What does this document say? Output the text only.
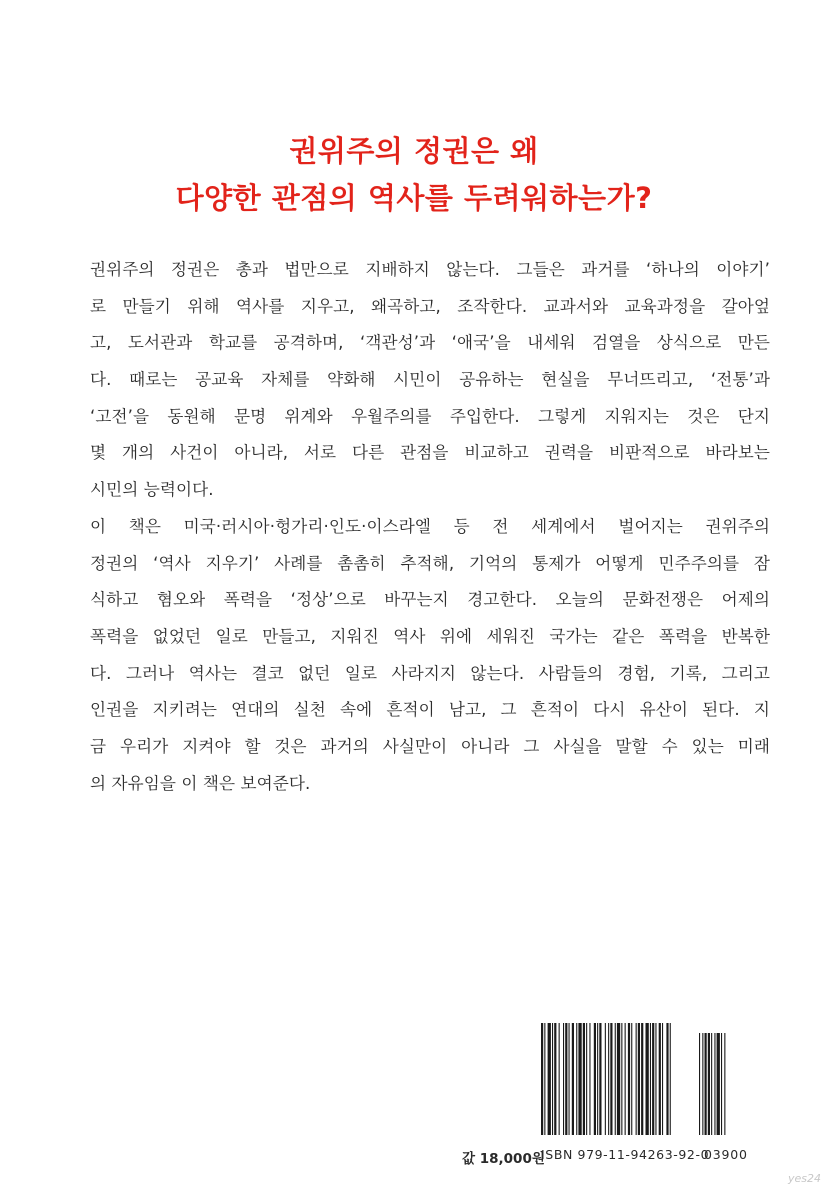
권위주의 정권은 왜
다양한 관점의 역사를 두려워하는가?
권위주의 정권은 총과 법만으로 지배하지 않는다. 그들은 과거를 ‘하나의 이야기’
로 만들기 위해 역사를 지우고, 왜곡하고, 조작한다. 교과서와 교육과정을 갈아엎
고, 도서관과 학교를 공격하며, ‘객관성’과 ‘애국’을 내세워 검열을 상식으로 만든
다. 때로는 공교육 자체를 약화해 시민이 공유하는 현실을 무너뜨리고, ‘전통’과
‘고전’을 동원해 문명 위계와 우월주의를 주입한다. 그렇게 지워지는 것은 단지
몇 개의 사건이 아니라, 서로 다른 관점을 비교하고 권력을 비판적으로 바라보는
시민의 능력이다.
이 책은 미국·러시아·헝가리·인도·이스라엘 등 전 세계에서 벌어지는 권위주의
정권의 ‘역사 지우기’ 사례를 촘촘히 추적해, 기억의 통제가 어떻게 민주주의를 잠
식하고 혐오와 폭력을 ‘정상’으로 바꾸는지 경고한다. 오늘의 문화전쟁은 어제의
폭력을 없었던 일로 만들고, 지워진 역사 위에 세워진 국가는 같은 폭력을 반복한
다. 그러나 역사는 결코 없던 일로 사라지지 않는다. 사람들의 경험, 기록, 그리고
인권을 지키려는 연대의 실천 속에 흔적이 남고, 그 흔적이 다시 유산이 된다. 지
금 우리가 지켜야 할 것은 과거의 사실만이 아니라 그 사실을 말할 수 있는 미래
의 자유임을 이 책은 보여준다.
값 18,000원
ISBN 979-11-94263-92-0
03900
yes24
